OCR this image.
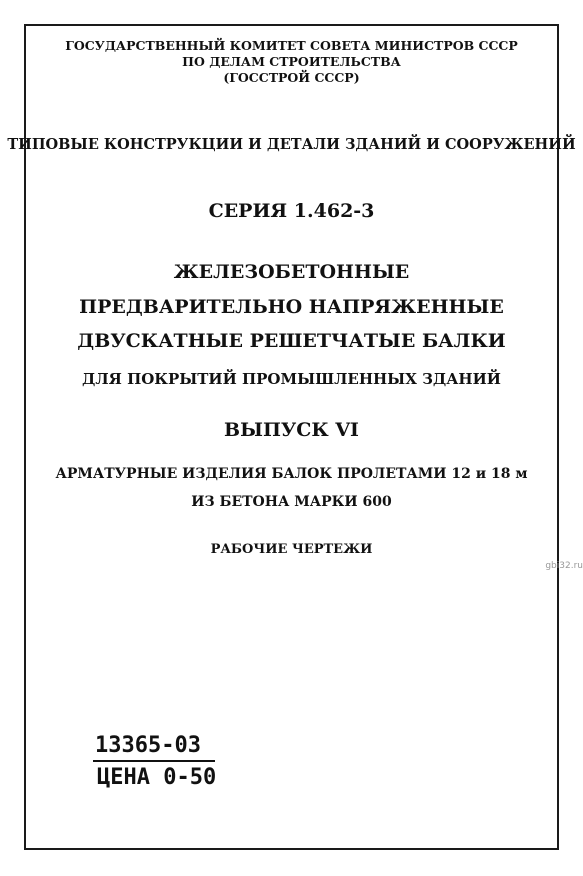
ГОСУДАРСТВЕННЫЙ КОМИТЕТ СОВЕТА МИНИСТРОВ СССР
ПО ДЕЛАМ СТРОИТЕЛЬСТВА
(ГОССТРОЙ СССР)
ТИПОВЫЕ КОНСТРУКЦИИ И ДЕТАЛИ ЗДАНИЙ И СООРУЖЕНИЙ
СЕРИЯ 1.462-3
ЖЕЛЕЗОБЕТОННЫЕ
ПРЕДВАРИТЕЛЬНО НАПРЯЖЕННЫЕ
ДВУСКАТНЫЕ РЕШЕТЧАТЫЕ БАЛКИ
ДЛЯ ПОКРЫТИЙ ПРОМЫШЛЕННЫХ ЗДАНИЙ
ВЫПУСК VI
АРМАТУРНЫЕ ИЗДЕЛИЯ БАЛОК ПРОЛЕТАМИ 12 и 18 м
ИЗ БЕТОНА МАРКИ 600
РАБОЧИЕ ЧЕРТЕЖИ
gbi32.ru
13365-03
ЦЕНА 0-50
